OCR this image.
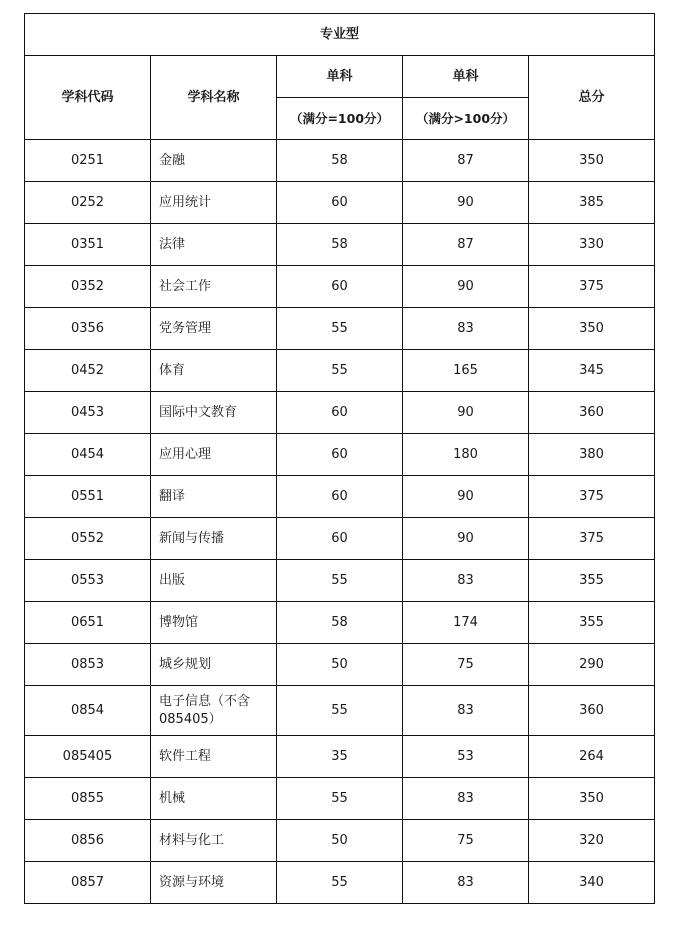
专业型				
学科代码	学科名称	单科	单科	总分
		（满分=100分）	（满分>100分）	
0251	金融	58	87	350
0252	应用统计	60	90	385
0351	法律	58	87	330
0352	社会工作	60	90	375
0356	党务管理	55	83	350
0452	体育	55	165	345
0453	国际中文教育	60	90	360
0454	应用心理	60	180	380
0551	翻译	60	90	375
0552	新闻与传播	60	90	375
0553	出版	55	83	355
0651	博物馆	58	174	355
0853	城乡规划	50	75	290
0854	电子信息（不含085405）	55	83	360
085405	软件工程	35	53	264
0855	机械	55	83	350
0856	材料与化工	50	75	320
0857	资源与环境	55	83	340
